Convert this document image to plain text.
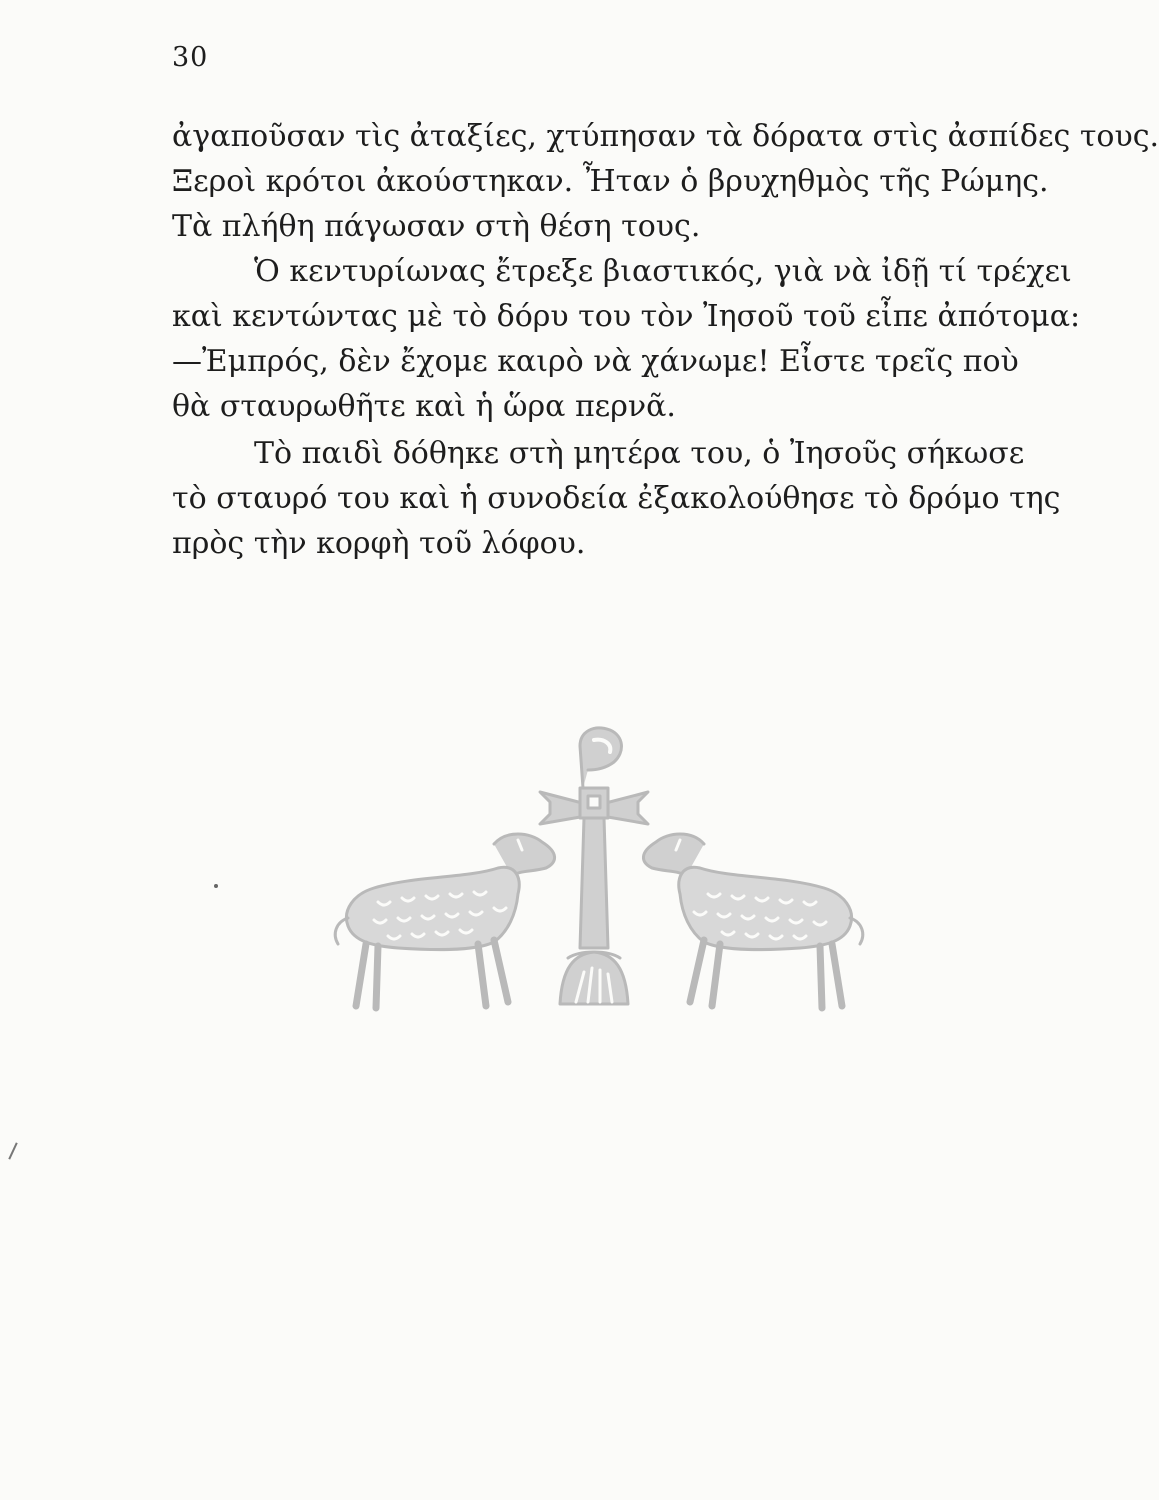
30

ἀγαποῦσαν τὶς ἀταξίες, χτύπησαν τὰ δόρατα στὶς ἀσπίδες τους.
Ξεροὶ κρότοι ἀκούστηκαν. Ἦταν ὁ βρυχηθμὸς τῆς Ρώμης.
Τὰ πλήθη πάγωσαν στὴ θέση τους.

Ὁ κεντυρίωνας ἔτρεξε βιαστικός, γιὰ νὰ ἰδῇ τί τρέχει
καὶ κεντώντας μὲ τὸ δόρυ του τὸν Ἰησοῦ τοῦ εἶπε ἀπότομα:
—Ἐμπρός, δὲν ἔχομε καιρὸ νὰ χάνωμε! Εἶστε τρεῖς ποὺ
θὰ σταυρωθῆτε καὶ ἡ ὥρα περνᾶ.

Τὸ παιδὶ δόθηκε στὴ μητέρα του, ὁ Ἰησοῦς σήκωσε
τὸ σταυρό του καὶ ἡ συνοδεία ἐξακολούθησε τὸ δρόμο της
πρὸς τὴν κορφὴ τοῦ λόφου.
